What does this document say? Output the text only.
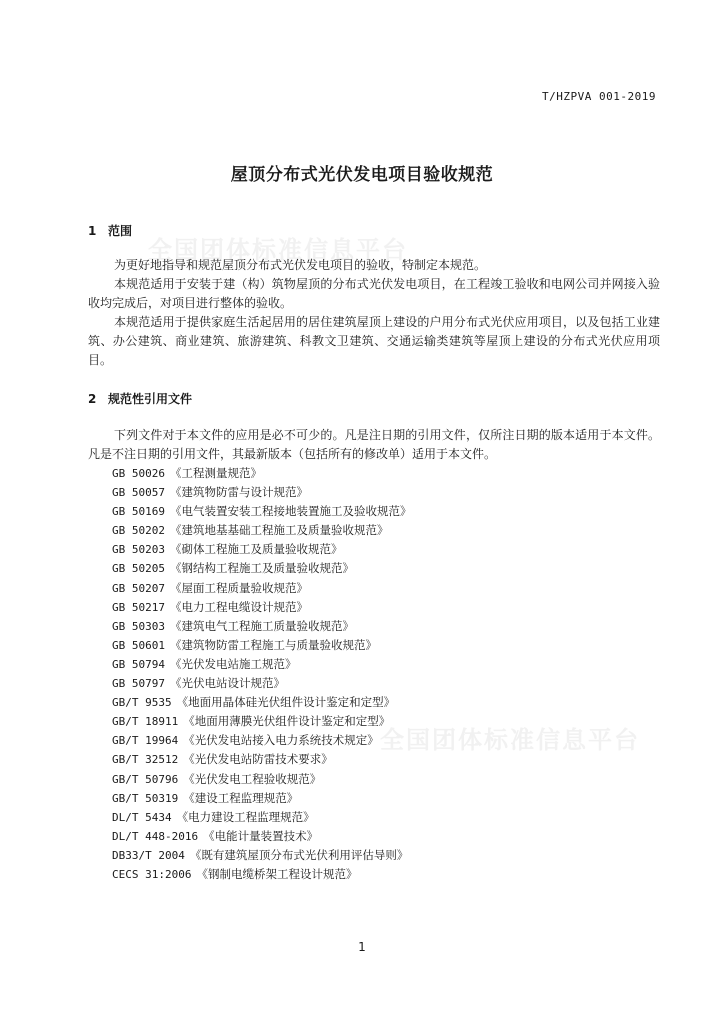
T/HZPVA 001-2019
屋顶分布式光伏发电项目验收规范
全国团体标准信息平台
全国团体标准信息平台
1 范围

为更好地指导和规范屋顶分布式光伏发电项目的验收，特制定本规范。

本规范适用于安装于建（构）筑物屋顶的分布式光伏发电项目，在工程竣工验收和电网公司并网接入验收均完成后，对项目进行整体的验收。

本规范适用于提供家庭生活起居用的居住建筑屋顶上建设的户用分布式光伏应用项目，以及包括工业建筑、办公建筑、商业建筑、旅游建筑、科教文卫建筑、交通运输类建筑等屋顶上建设的分布式光伏应用项目。

2 规范性引用文件

下列文件对于本文件的应用是必不可少的。凡是注日期的引用文件，仅所注日期的版本适用于本文件。凡是不注日期的引用文件，其最新版本（包括所有的修改单）适用于本文件。

GB 50026 《工程测量规范》
GB 50057 《建筑物防雷与设计规范》
GB 50169 《电气装置安装工程接地装置施工及验收规范》
GB 50202 《建筑地基基础工程施工及质量验收规范》
GB 50203 《砌体工程施工及质量验收规范》
GB 50205 《钢结构工程施工及质量验收规范》
GB 50207 《屋面工程质量验收规范》
GB 50217 《电力工程电缆设计规范》
GB 50303 《建筑电气工程施工质量验收规范》
GB 50601 《建筑物防雷工程施工与质量验收规范》
GB 50794 《光伏发电站施工规范》
GB 50797 《光伏电站设计规范》
GB/T 9535 《地面用晶体硅光伏组件设计鉴定和定型》
GB/T 18911 《地面用薄膜光伏组件设计鉴定和定型》
GB/T 19964 《光伏发电站接入电力系统技术规定》
GB/T 32512 《光伏发电站防雷技术要求》
GB/T 50796 《光伏发电工程验收规范》
GB/T 50319 《建设工程监理规范》
DL/T 5434 《电力建设工程监理规范》
DL/T 448-2016 《电能计量装置技术》
DB33/T 2004 《既有建筑屋顶分布式光伏利用评估导则》
CECS 31:2006 《钢制电缆桥架工程设计规范》
1
